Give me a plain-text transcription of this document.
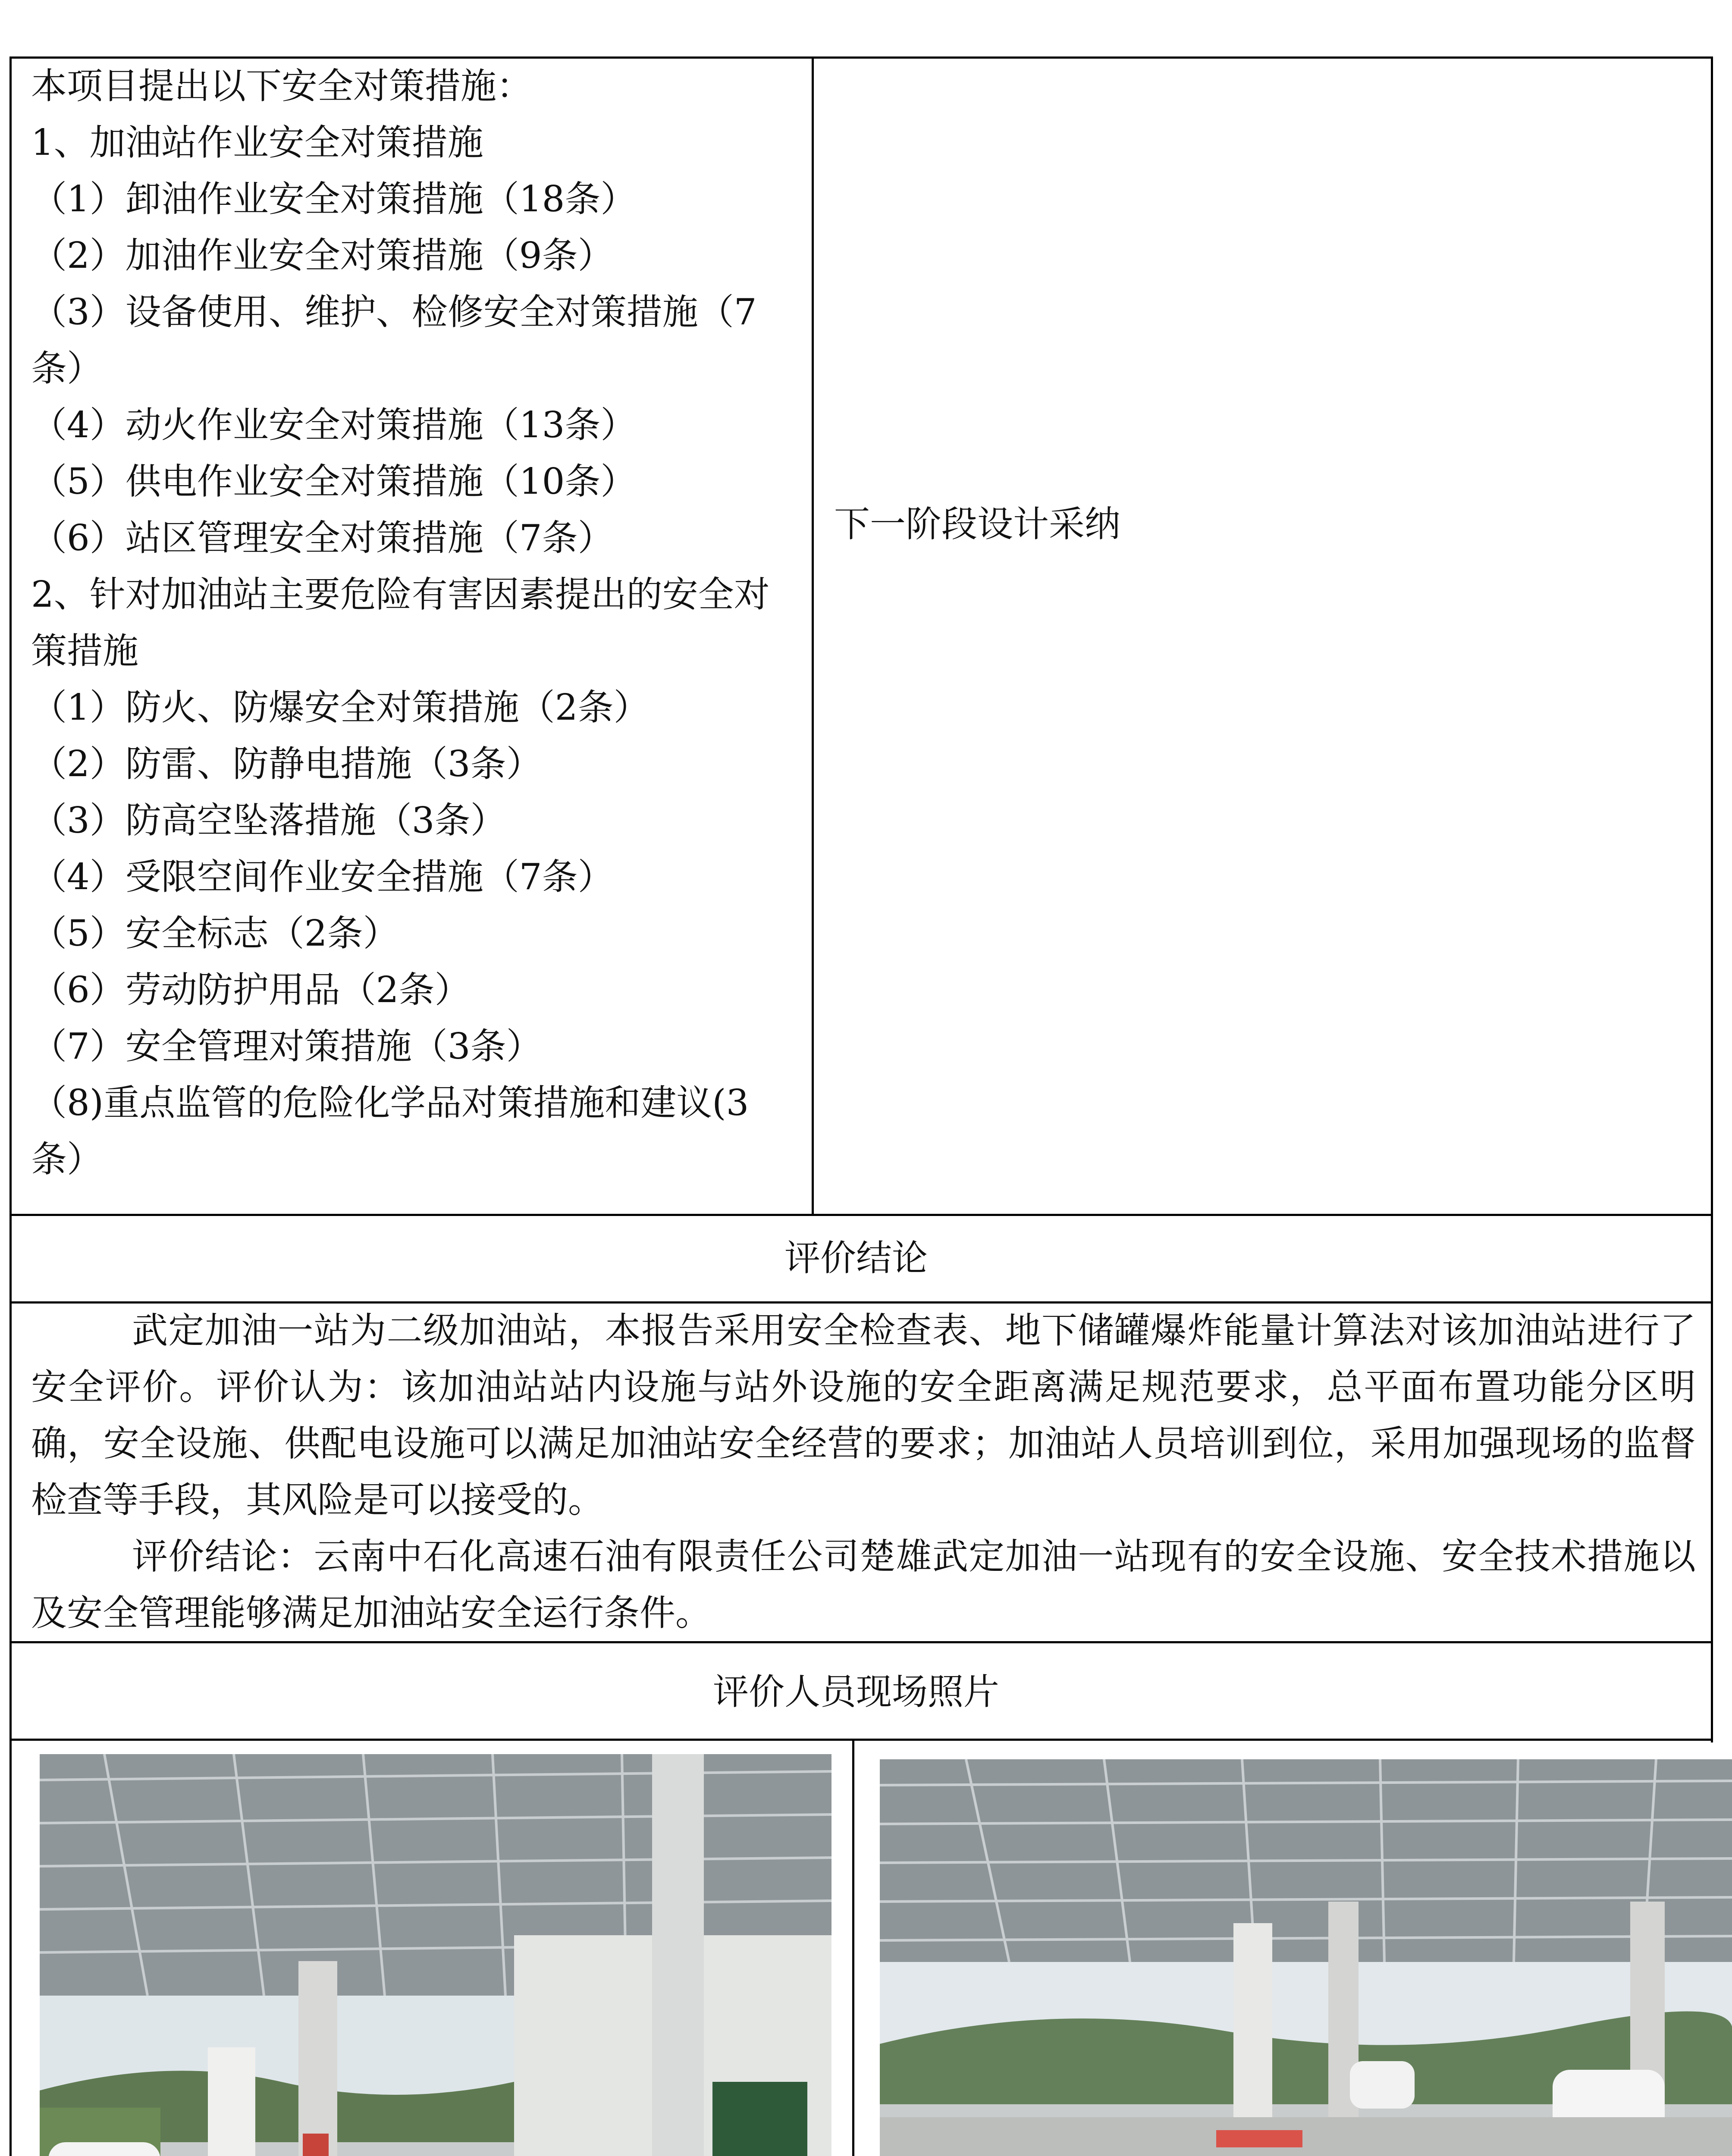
本项目提出以下安全对策措施：
1、加油站作业安全对策措施
（1）卸油作业安全对策措施（18条）
（2）加油作业安全对策措施（9条）
（3）设备使用、维护、检修安全对策措施（7
条）
（4）动火作业安全对策措施（13条）
（5）供电作业安全对策措施（10条）
（6）站区管理安全对策措施（7条）
2、针对加油站主要危险有害因素提出的安全对
策措施
（1）防火、防爆安全对策措施（2条）
（2）防雷、防静电措施（3条）
（3）防高空坠落措施（3条）
（4）受限空间作业安全措施（7条）
（5）安全标志（2条）
（6）劳动防护用品（2条）
（7）安全管理对策措施（3条）
（8)重点监管的危险化学品对策措施和建议(3
条）
下一阶段设计采纳
评价结论

武定加油一站为二级加油站，本报告采用安全检查表、地下储罐爆炸能量计算法对该加油站进行了安全评价。评价认为：该加油站站内设施与站外设施的安全距离满足规范要求，总平面布置功能分区明确，安全设施、供配电设施可以满足加油站安全经营的要求；加油站人员培训到位，采用加强现场的监督检查等手段，其风险是可以接受的。

评价结论：云南中石化高速石油有限责任公司楚雄武定加油一站现有的安全设施、安全技术措施以及安全管理能够满足加油站安全运行条件。

评价人员现场照片
